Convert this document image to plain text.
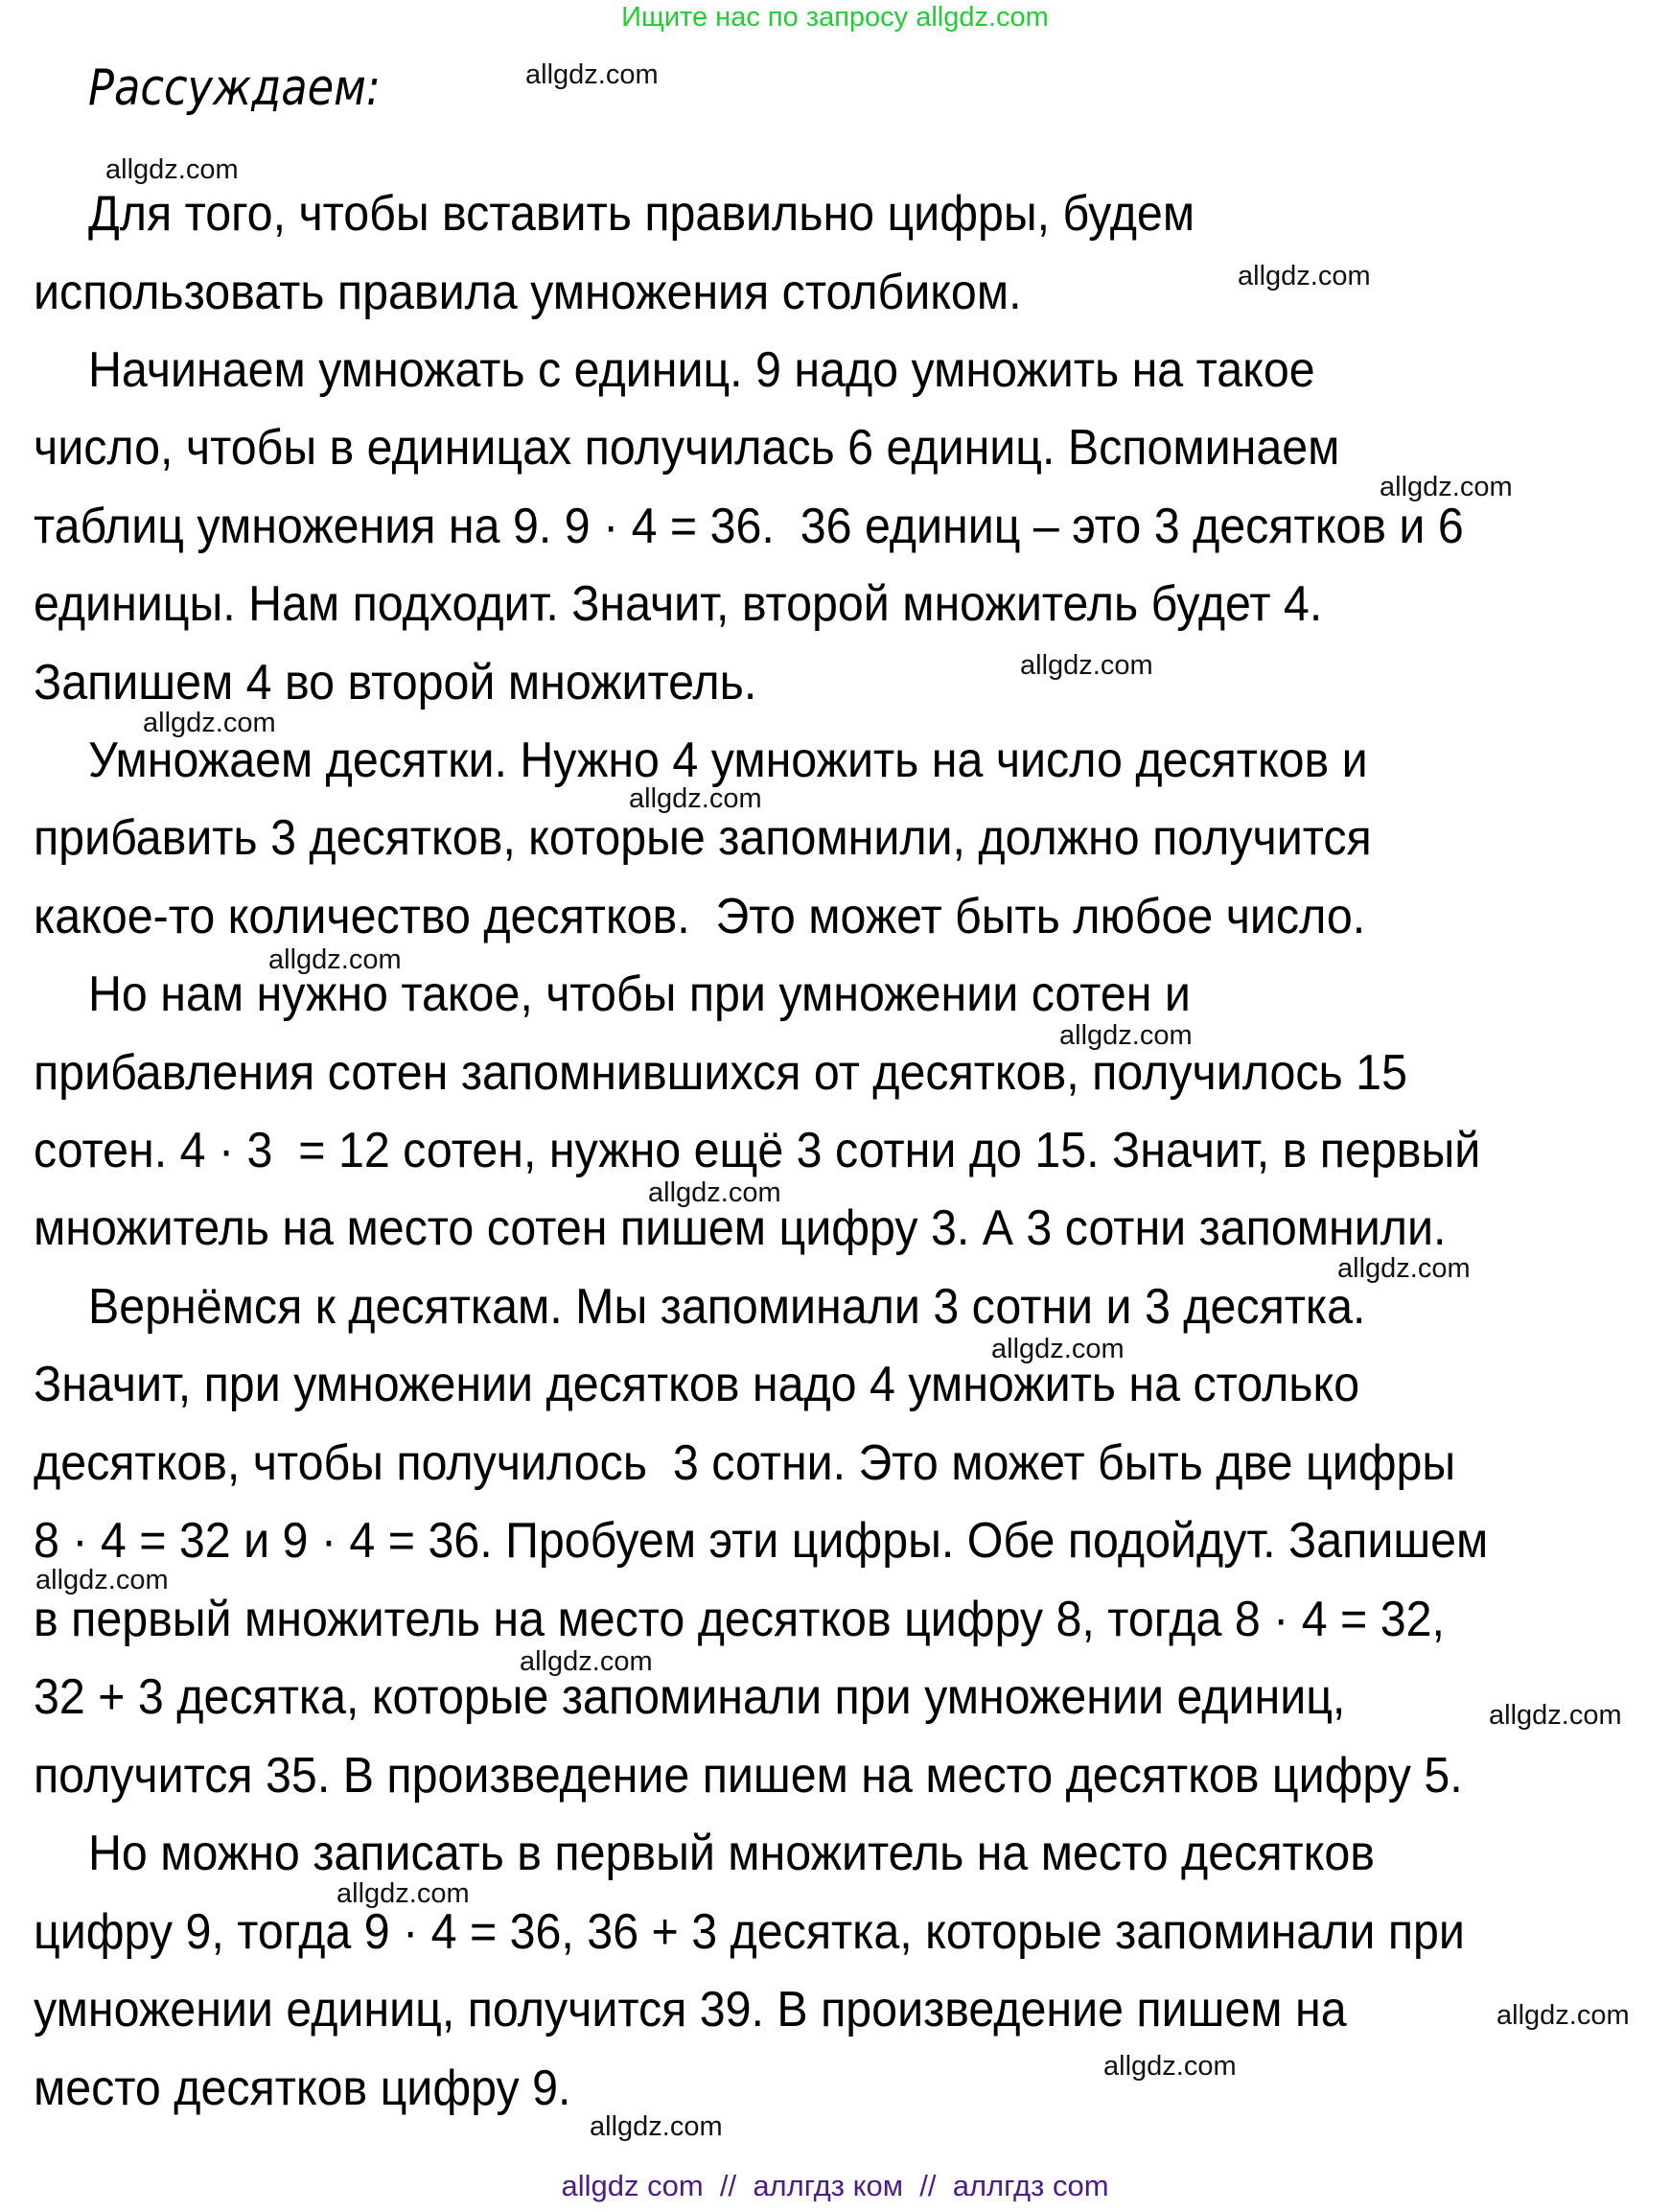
Ищите нас по запросу allgdz.com
Рассуждаем:
Для того, чтобы вставить правильно цифры, будем
использовать правила умножения столбиком.
Начинаем умножать с единиц. 9 надо умножить на такое
число, чтобы в единицах получилась 6 единиц. Вспоминаем
таблиц умножения на 9. 9 · 4 = 36.  36 единиц – это 3 десятков и 6
единицы. Нам подходит. Значит, второй множитель будет 4.
Запишем 4 во второй множитель.
Умножаем десятки. Нужно 4 умножить на число десятков и
прибавить 3 десятков, которые запомнили, должно получится
какое-то количество десятков.  Это может быть любое число.
Но нам нужно такое, чтобы при умножении сотен и
прибавления сотен запомнившихся от десятков, получилось 15
сотен. 4 · 3  = 12 сотен, нужно ещё 3 сотни до 15. Значит, в первый
множитель на место сотен пишем цифру 3. А 3 сотни запомнили.
Вернёмся к десяткам. Мы запоминали 3 сотни и 3 десятка.
Значит, при умножении десятков надо 4 умножить на столько
десятков, чтобы получилось  3 сотни. Это может быть две цифры
8 · 4 = 32 и 9 · 4 = 36. Пробуем эти цифры. Обе подойдут. Запишем
в первый множитель на место десятков цифру 8, тогда 8 · 4 = 32,
32 + 3 десятка, которые запоминали при умножении единиц,
получится 35. В произведение пишем на место десятков цифру 5.
Но можно записать в первый множитель на место десятков
цифру 9, тогда 9 · 4 = 36, 36 + 3 десятка, которые запоминали при
умножении единиц, получится 39. В произведение пишем на
место десятков цифру 9.
allgdz.com
allgdz.com
allgdz.com
allgdz.com
allgdz.com
allgdz.com
allgdz.com
allgdz.com
allgdz.com
allgdz.com
allgdz.com
allgdz.com
allgdz.com
allgdz.com
allgdz.com
allgdz.com
allgdz.com
allgdz.com
allgdz.com
allgdz com  //  аллгдз ком  //  аллгдз com
